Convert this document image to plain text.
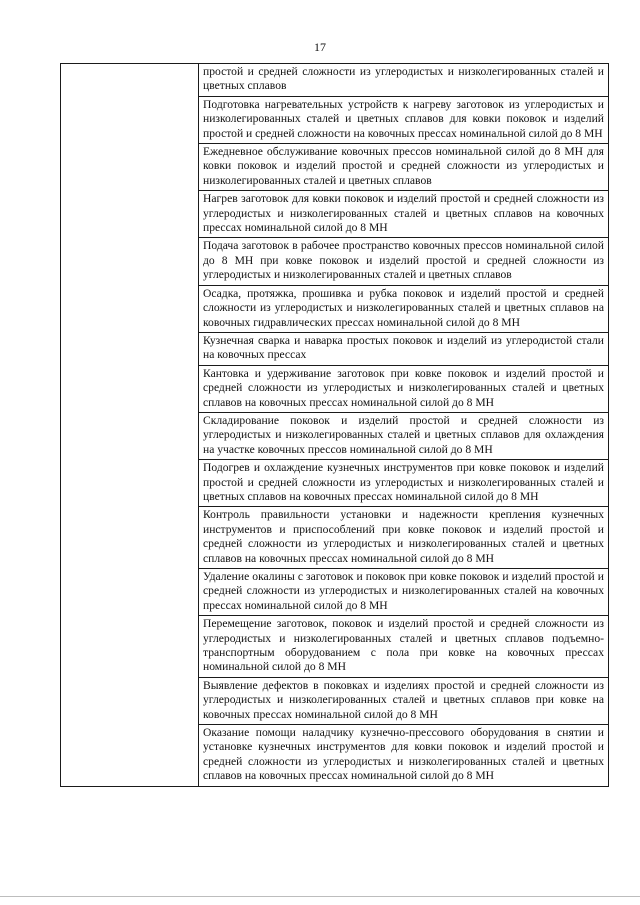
17

простой и средней сложности из углеродистых и низколегированных сталей и цветных сплавов

Подготовка нагревательных устройств к нагреву заготовок из углеродистых и низколегированных сталей и цветных сплавов для ковки поковок и изделий простой и средней сложности на ковочных прессах номинальной силой до 8 МН

Ежедневное обслуживание ковочных прессов номинальной силой до 8 МН для ковки поковок и изделий простой и средней сложности из углеродистых и низколегированных сталей и цветных сплавов

Нагрев заготовок для ковки поковок и изделий простой и средней сложности из углеродистых и низколегированных сталей и цветных сплавов на ковочных прессах номинальной силой до 8 МН

Подача заготовок в рабочее пространство ковочных прессов номинальной силой до 8 МН при ковке поковок и изделий простой и средней сложности из углеродистых и низколегированных сталей и цветных сплавов

Осадка, протяжка, прошивка и рубка поковок и изделий простой и средней сложности из углеродистых и низколегированных сталей и цветных сплавов на ковочных гидравлических прессах номинальной силой до 8 МН

Кузнечная сварка и наварка простых поковок и изделий из углеродистой стали на ковочных прессах

Кантовка и удерживание заготовок при ковке поковок и изделий простой и средней сложности из углеродистых и низколегированных сталей и цветных сплавов на ковочных прессах номинальной силой до 8 МН

Складирование поковок и изделий простой и средней сложности из углеродистых и низколегированных сталей и цветных сплавов для охлаждения на участке ковочных прессов номинальной силой до 8 МН

Подогрев и охлаждение кузнечных инструментов при ковке поковок и изделий простой и средней сложности из углеродистых и низколегированных сталей и цветных сплавов на ковочных прессах номинальной силой до 8 МН

Контроль правильности установки и надежности крепления кузнечных инструментов и приспособлений при ковке поковок и изделий простой и средней сложности из углеродистых и низколегированных сталей и цветных сплавов на ковочных прессах номинальной силой до 8 МН

Удаление окалины с заготовок и поковок при ковке поковок и изделий простой и средней сложности из углеродистых и низколегированных сталей на ковочных прессах номинальной силой до 8 МН

Перемещение заготовок, поковок и изделий простой и средней сложности из углеродистых и низколегированных сталей и цветных сплавов подъемно-транспортным оборудованием с пола при ковке на ковочных прессах номинальной силой до 8 МН

Выявление дефектов в поковках и изделиях простой и средней сложности из углеродистых и низколегированных сталей и цветных сплавов при ковке на ковочных прессах номинальной силой до 8 МН

Оказание помощи наладчику кузнечно-прессового оборудования в снятии и установке кузнечных инструментов для ковки поковок и изделий простой и средней сложности из углеродистых и низколегированных сталей и цветных сплавов на ковочных прессах номинальной силой до 8 МН
